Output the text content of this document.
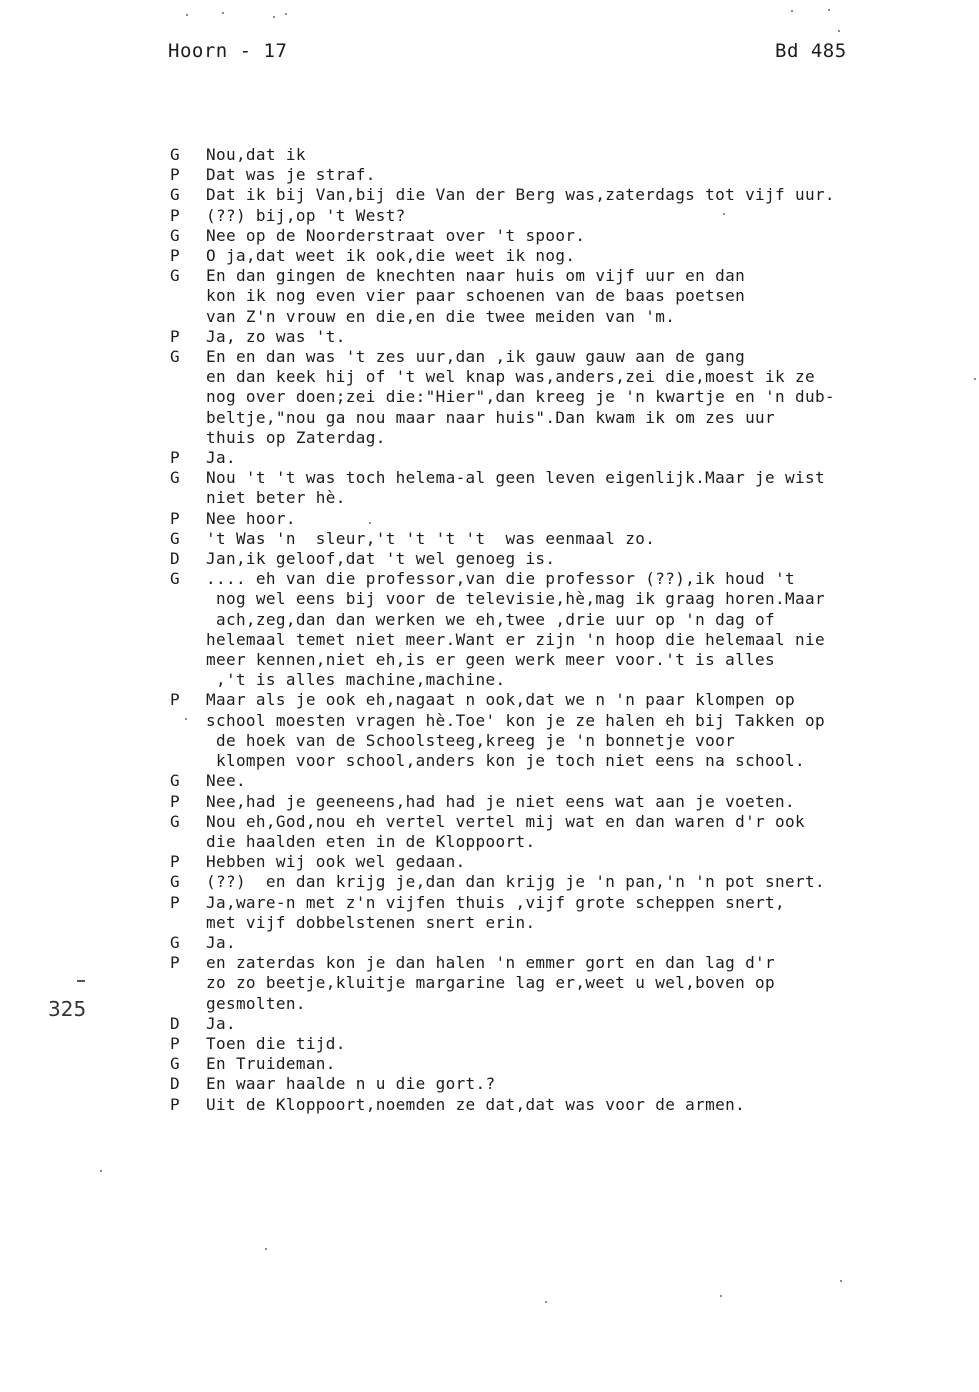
Hoorn - 17	Bd 485
325
G	Nou,dat ik
P	Dat was je straf.
G	Dat ik bij Van,bij die Van der Berg was,zaterdags tot vijf uur.
P	(??) bij,op 't West?
G	Nee op de Noorderstraat over 't spoor.
P	O ja,dat weet ik ook,die weet ik nog.
G	En dan gingen de knechten naar huis om vijf uur en dan
kon ik nog even vier paar schoenen van de baas poetsen
van Z'n vrouw en die,en die twee meiden van 'm.
P	Ja, zo was 't.
G	En en dan was 't zes uur,dan ,ik gauw gauw aan de gang
en dan keek hij of 't wel knap was,anders,zei die,moest ik ze
nog over doen;zei die:"Hier",dan kreeg je 'n kwartje en 'n dub-
beltje,"nou ga nou maar naar huis".Dan kwam ik om zes uur
thuis op Zaterdag.
P	Ja.
G	Nou 't 't was toch helema-al geen leven eigenlijk.Maar je wist
niet beter hè.
P	Nee hoor.
G	't Was 'n  sleur,'t 't 't 't  was eenmaal zo.
D	Jan,ik geloof,dat 't wel genoeg is.
G	.... eh van die professor,van die professor (??),ik houd 't
nog wel eens bij voor de televisie,hè,mag ik graag horen.Maar
ach,zeg,dan dan werken we eh,twee ,drie uur op 'n dag of
helemaal temet niet meer.Want er zijn 'n hoop die helemaal nie
meer kennen,niet eh,is er geen werk meer voor.'t is alles
,'t is alles machine,machine.
P	Maar als je ook eh,nagaat n ook,dat we n 'n paar klompen op
school moesten vragen hè.Toe' kon je ze halen eh bij Takken op
de hoek van de Schoolsteeg,kreeg je 'n bonnetje voor
klompen voor school,anders kon je toch niet eens na school.
G	Nee.
P	Nee,had je geeneens,had had je niet eens wat aan je voeten.
G	Nou eh,God,nou eh vertel vertel mij wat en dan waren d'r ook
die haalden eten in de Kloppoort.
P	Hebben wij ook wel gedaan.
G	(??)  en dan krijg je,dan dan krijg je 'n pan,'n 'n pot snert.
P	Ja,ware-n met z'n vijfen thuis ,vijf grote scheppen snert,
met vijf dobbelstenen snert erin.
G	Ja.
P	en zaterdas kon je dan halen 'n emmer gort en dan lag d'r
zo zo beetje,kluitje margarine lag er,weet u wel,boven op
gesmolten.
D	Ja.
P	Toen die tijd.
G	En Truideman.
D	En waar haalde n u die gort.?
P	Uit de Kloppoort,noemden ze dat,dat was voor de armen.
